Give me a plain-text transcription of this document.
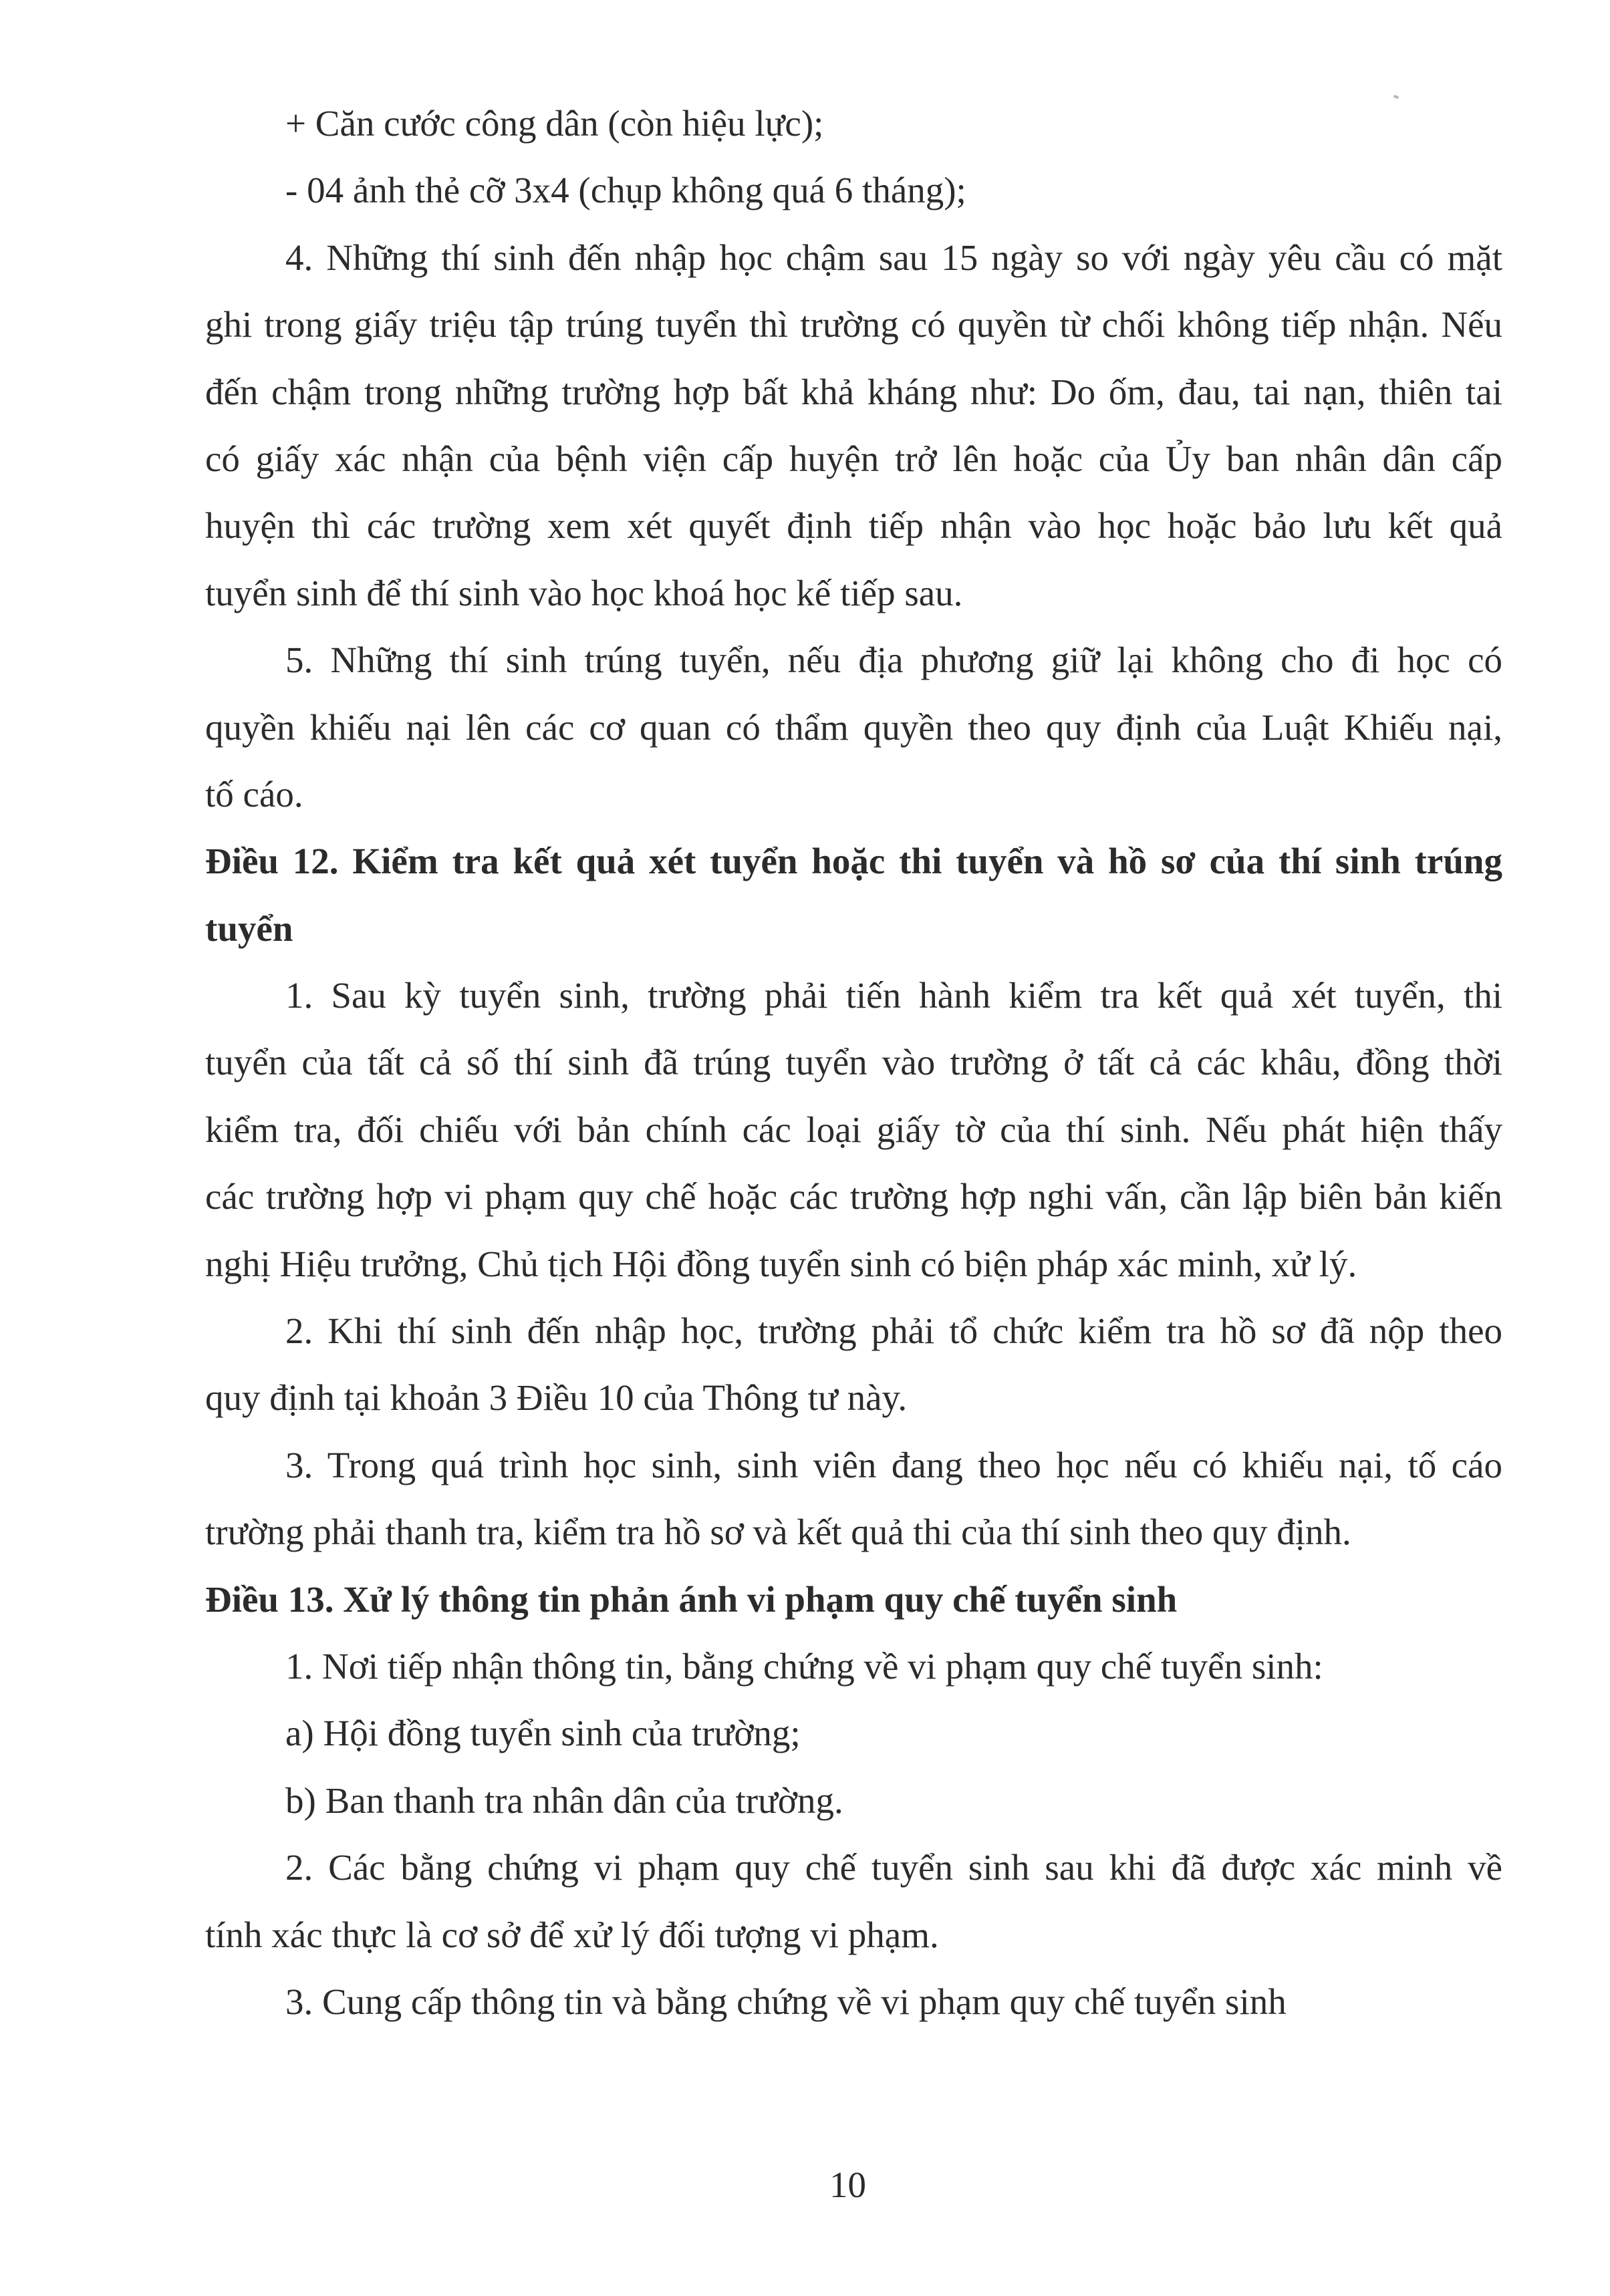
+ Căn cước công dân (còn hiệu lực);
- 04 ảnh thẻ cỡ 3x4 (chụp không quá 6 tháng);
4. Những thí sinh đến nhập học chậm sau 15 ngày so với ngày yêu cầu có mặt
ghi trong giấy triệu tập trúng tuyển thì trường có quyền từ chối không tiếp nhận. Nếu
đến chậm trong những trường hợp bất khả kháng như: Do ốm, đau, tai nạn, thiên tai
có giấy xác nhận của bệnh viện cấp huyện trở lên hoặc của Ủy ban nhân dân cấp
huyện thì các trường xem xét quyết định tiếp nhận vào học hoặc bảo lưu kết quả
tuyển sinh để thí sinh vào học khoá học kế tiếp sau.
5. Những thí sinh trúng tuyển, nếu địa phương giữ lại không cho đi học có
quyền khiếu nại lên các cơ quan có thẩm quyền theo quy định của Luật Khiếu nại,
tố cáo.
Điều 12. Kiểm tra kết quả xét tuyển hoặc thi tuyển và hồ sơ của thí sinh trúng
tuyển
1. Sau kỳ tuyển sinh, trường phải tiến hành kiểm tra kết quả xét tuyển, thi
tuyển của tất cả số thí sinh đã trúng tuyển vào trường ở tất cả các khâu, đồng thời
kiểm tra, đối chiếu với bản chính các loại giấy tờ của thí sinh. Nếu phát hiện thấy
các trường hợp vi phạm quy chế hoặc các trường hợp nghi vấn, cần lập biên bản kiến
nghị Hiệu trưởng, Chủ tịch Hội đồng tuyển sinh có biện pháp xác minh, xử lý.
2. Khi thí sinh đến nhập học, trường phải tổ chức kiểm tra hồ sơ đã nộp theo
quy định tại khoản 3 Điều 10 của Thông tư này.
3. Trong quá trình học sinh, sinh viên đang theo học nếu có khiếu nại, tố cáo
trường phải thanh tra, kiểm tra hồ sơ và kết quả thi của thí sinh theo quy định.
Điều 13. Xử lý thông tin phản ánh vi phạm quy chế tuyển sinh
1. Nơi tiếp nhận thông tin, bằng chứng về vi phạm quy chế tuyển sinh:
a) Hội đồng tuyển sinh của trường;
b) Ban thanh tra nhân dân của trường.
2. Các bằng chứng vi phạm quy chế tuyển sinh sau khi đã được xác minh về
tính xác thực là cơ sở để xử lý đối tượng vi phạm.
3. Cung cấp thông tin và bằng chứng về vi phạm quy chế tuyển sinh
10
